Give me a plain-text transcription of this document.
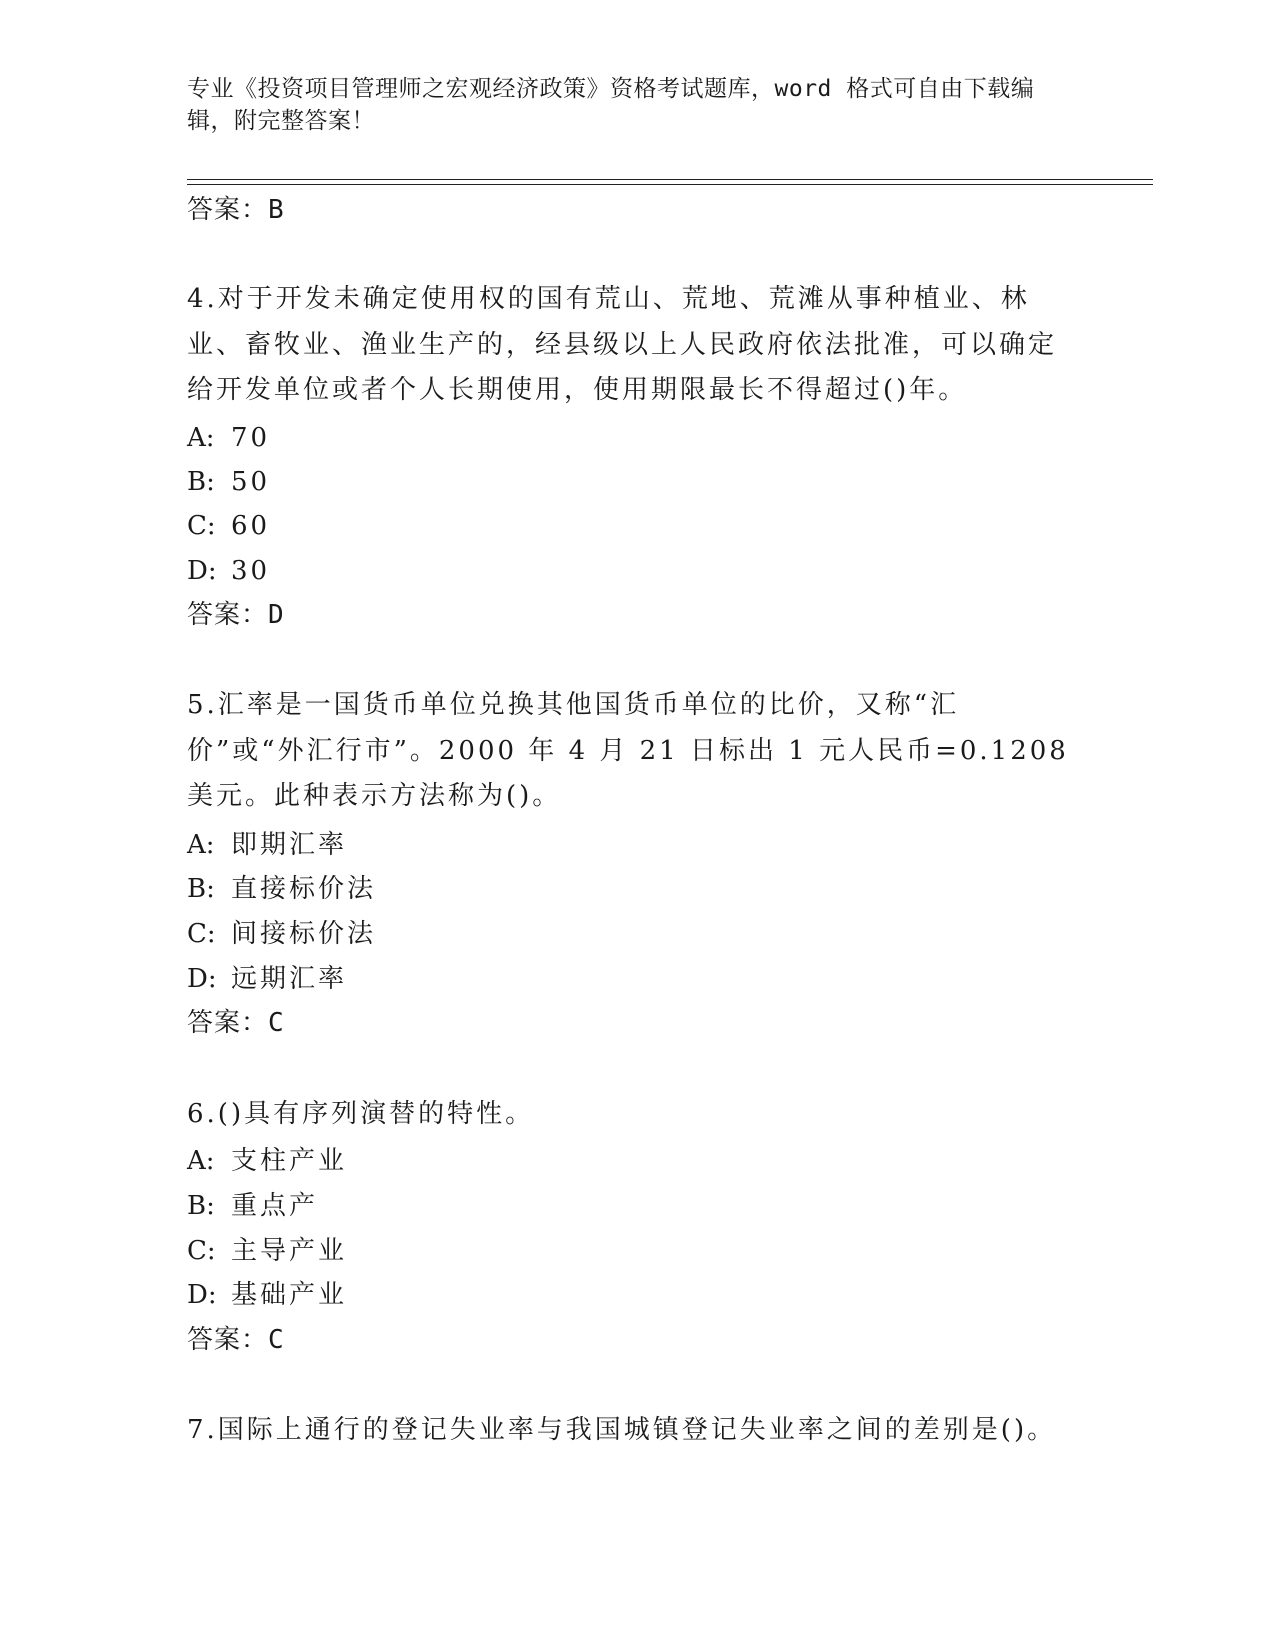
专业《投资项目管理师之宏观经济政策》资格考试题库，word 格式可自由下载编辑，附完整答案！
答案：B
4.对于开发未确定使用权的国有荒山、荒地、荒滩从事种植业、林业、畜牧业、渔业生产的，经县级以上人民政府依法批准，可以确定给开发单位或者个人长期使用，使用期限最长不得超过()年。
A: 70
B: 50
C: 60
D: 30
答案：D
5.汇率是一国货币单位兑换其他国货币单位的比价，又称“汇价”或“外汇行市”。2000 年 4 月 21 日标出 1 元人民币=0.1208 美元。此种表示方法称为()。
A: 即期汇率
B: 直接标价法
C: 间接标价法
D: 远期汇率
答案：C
6.()具有序列演替的特性。
A: 支柱产业
B: 重点产
C: 主导产业
D: 基础产业
答案：C
7.国际上通行的登记失业率与我国城镇登记失业率之间的差别是()。
